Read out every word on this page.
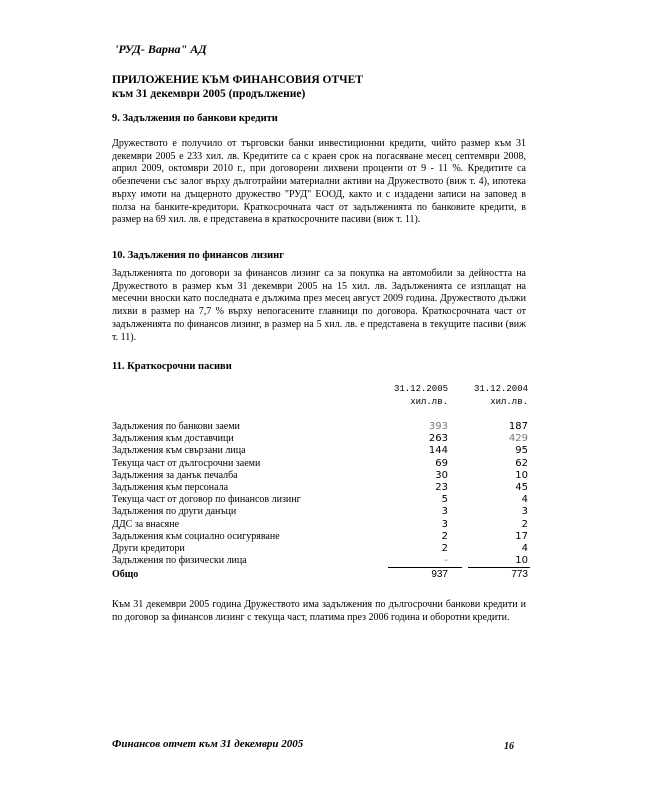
'РУД- Варна" АД
ПРИЛОЖЕНИЕ КЪМ ФИНАНСОВИЯ ОТЧЕТ
към 31 декември 2005 (продължение)
9. Задължения по банкови кредити

Дружеството е получило от търговски банки инвестиционни кредити, чийто размер към 31 декември 2005 е 233 хил. лв. Кредитите са с краен срок на погасяване месец септември 2008, април 2009, октомври 2010 г., при договорени лихвени проценти от 9 - 11 %. Кредитите са обезпечени със залог върху дълготрайни материални активи на Дружеството (виж т. 4), ипотека върху имоти на дъщерното дружество "РУД" ЕООД, както и с издадени записи на заповед в полза на банките-кредитори. Краткосрочната част от задълженията по банковите кредити, в размер на 69 хил. лв. е представена в краткосрочните пасиви (виж т. 11).

10. Задължения по финансов лизинг

Задълженията по договори за финансов лизинг са за покупка на автомобили за дейността на Дружеството в размер към 31 декември 2005 на 15 хил. лв. Задълженията се изплащат на месечни вноски като последната е дължима през месец август 2009 година. Дружеството дължи лихви в размер на 7,7 % върху непогасените главници по договора. Краткосрочната част от задълженията по финансов лизинг, в размер на 5 хил. лв. е представена в текущите пасиви (виж т. 11).

11. Краткосрочни пасиви
31.12.2005
хил.лв.
31.12.2004
хил.лв.
Задължения по банкови заеми	393	187
Задължения към доставчици	263	429
Задължения към свързани лица	144	95
Текуща част от дългосрочни заеми	69	62
Задължения за данък печалба	30	10
Задължения към персонала	23	45
Текуща част от договор по финансов лизинг	5	4
Задължения по други данъци	3	3
ДДС за внасяне	3	2
Задължения към социално осигуряване	2	17
Други кредитори	2	4
Задължения по физически лица	-	10
Общо	937	773

Към 31 декември 2005 година Дружеството има задължения по дългосрочни банкови кредити и по договор за финансов лизинг с текуща част, платима през 2006 година и оборотни кредити.

Финансов отчет към 31 декември 2005	16
